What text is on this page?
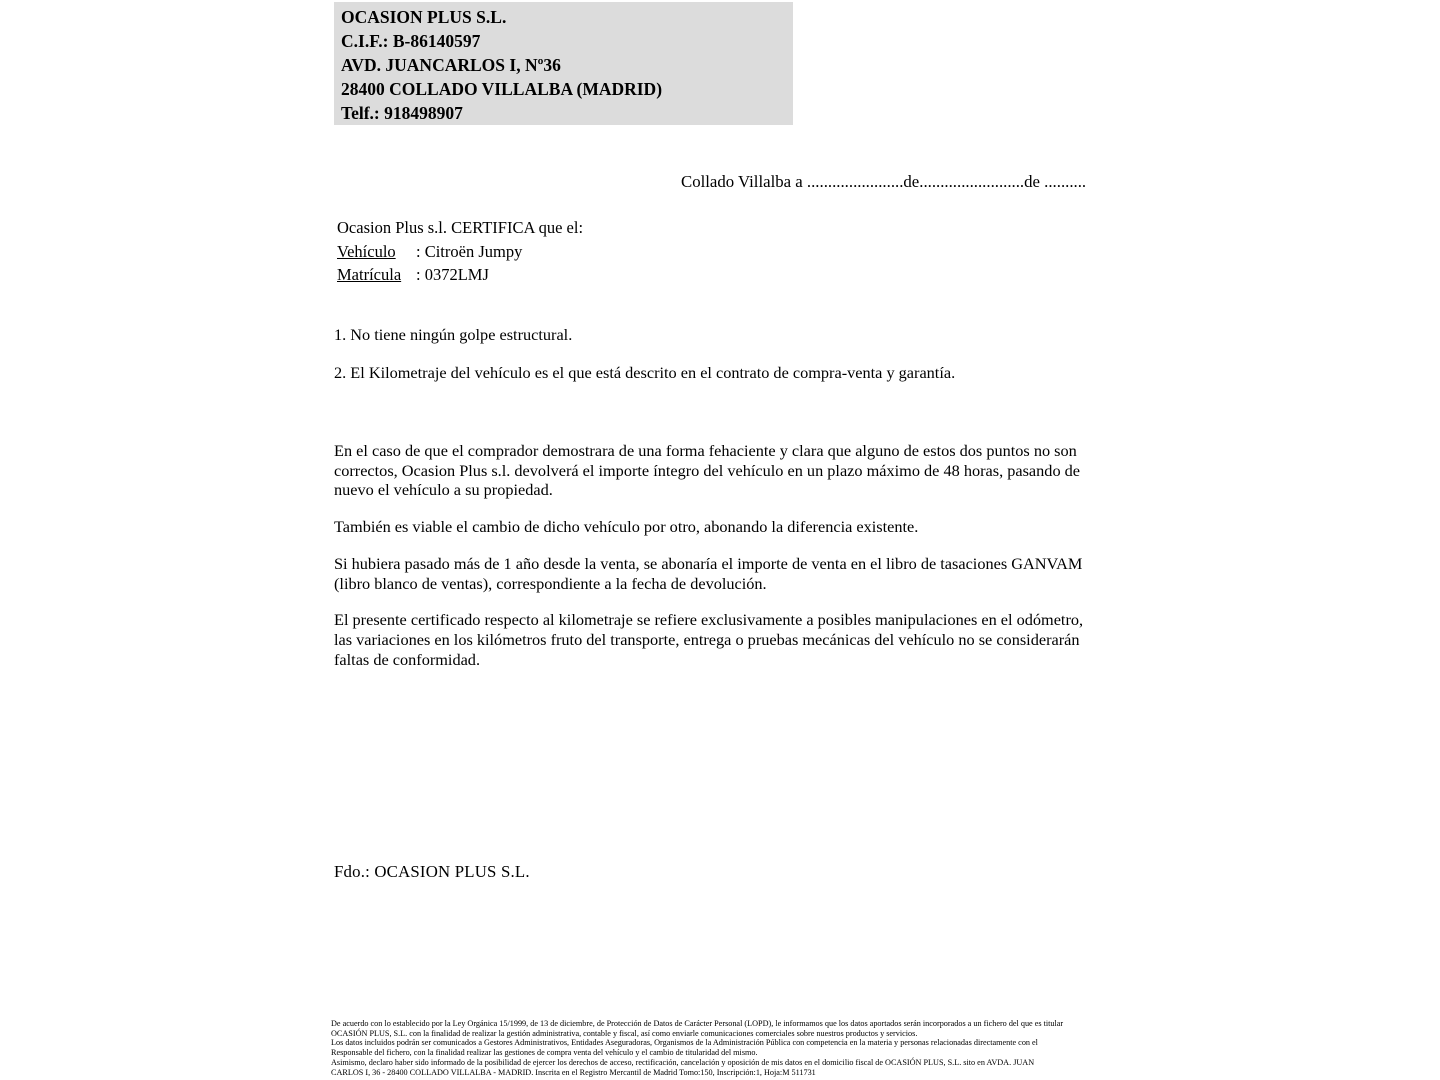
OCASION PLUS S.L.
C.I.F.: B-86140597
AVD. JUANCARLOS I, Nº36
28400 COLLADO VILLALBA (MADRID)
Telf.: 918498907
Collado Villalba a .......................de.........................de ..........
Ocasion Plus s.l. CERTIFICA que el:
Vehículo : Citroën Jumpy
Matrícula : 0372LMJ
1. No tiene ningún golpe estructural.
2. El Kilometraje del vehículo es el que está descrito en el contrato de compra-venta y garantía.

En el caso de que el comprador demostrara de una forma fehaciente y clara que alguno de estos dos puntos no son correctos, Ocasion Plus s.l. devolverá el importe íntegro del vehículo en un plazo máximo de 48 horas, pasando de nuevo el vehículo a su propiedad.

También es viable el cambio de dicho vehículo por otro, abonando la diferencia existente.

Si hubiera pasado más de 1 año desde la venta, se abonaría el importe de venta en el libro de tasaciones GANVAM (libro blanco de ventas), correspondiente a la fecha de devolución.

El presente certificado respecto al kilometraje se refiere exclusivamente a posibles manipulaciones en el odómetro, las variaciones en los kilómetros fruto del transporte, entrega o pruebas mecánicas del vehículo no se considerarán faltas de conformidad.

Fdo.: OCASION PLUS S.L.
De acuerdo con lo establecido por la Ley Orgánica 15/1999, de 13 de diciembre, de Protección de Datos de Carácter Personal (LOPD), le informamos que los datos aportados serán incorporados a un fichero del que es titular
OCASIÓN PLUS, S.L. con la finalidad de realizar la gestión administrativa, contable y fiscal, así como enviarle comunicaciones comerciales sobre nuestros productos y servicios.
Los datos incluidos podrán ser comunicados a Gestores Administrativos, Entidades Aseguradoras, Organismos de la Administración Pública con competencia en la materia y personas relacionadas directamente con el
Responsable del fichero, con la finalidad realizar las gestiones de compra venta del vehículo y el cambio de titularidad del mismo.
Asimismo, declaro haber sido informado de la posibilidad de ejercer los derechos de acceso, rectificación, cancelación y oposición de mis datos en el domicilio fiscal de OCASIÓN PLUS, S.L. sito en AVDA. JUAN
CARLOS I, 36 - 28400 COLLADO VILLALBA - MADRID. Inscrita en el Registro Mercantil de Madrid Tomo:150, Inscripción:1, Hoja:M 511731
